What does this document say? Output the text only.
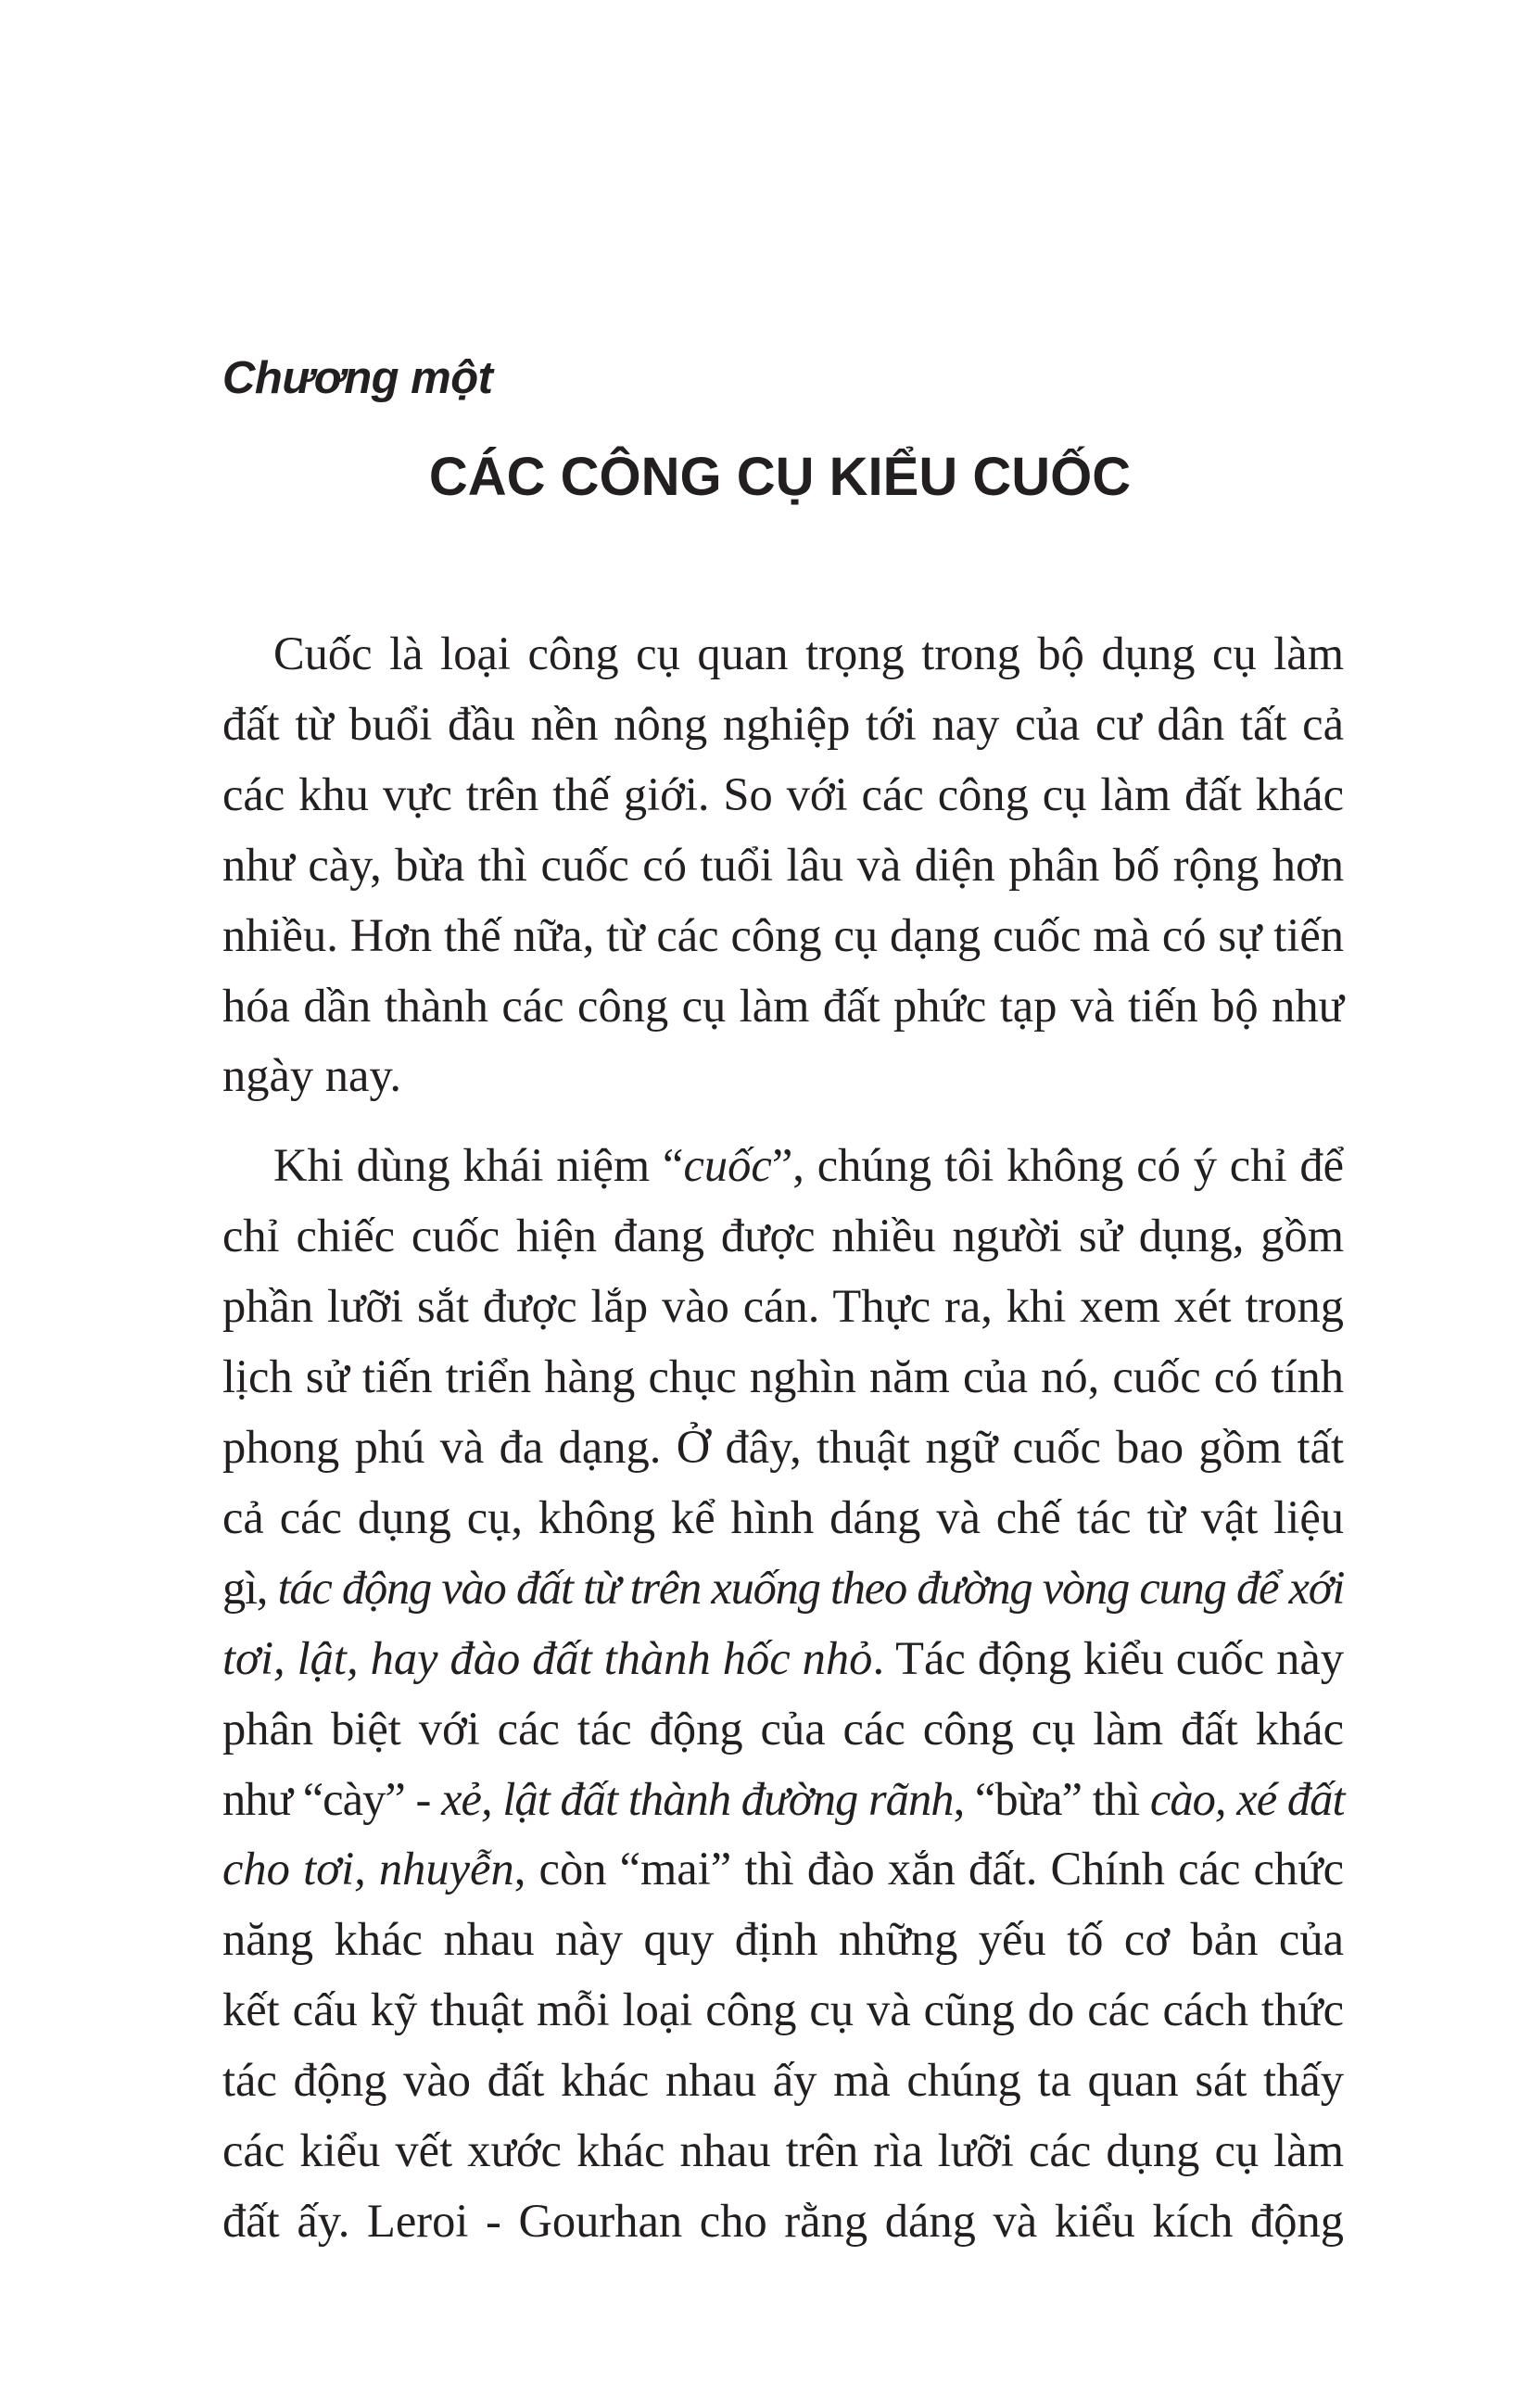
Chương một
CÁC CÔNG CỤ KIỂU CUỐC

Cuốc là loại công cụ quan trọng trong bộ dụng cụ làm
đất từ buổi đầu nền nông nghiệp tới nay của cư dân tất cả
các khu vực trên thế giới. So với các công cụ làm đất khác
như cày, bừa thì cuốc có tuổi lâu và diện phân bố rộng hơn
nhiều. Hơn thế nữa, từ các công cụ dạng cuốc mà có sự tiến
hóa dần thành các công cụ làm đất phức tạp và tiến bộ như
ngày nay.

Khi dùng khái niệm “cuốc”, chúng tôi không có ý chỉ để
chỉ chiếc cuốc hiện đang được nhiều người sử dụng, gồm
phần lưỡi sắt được lắp vào cán. Thực ra, khi xem xét trong
lịch sử tiến triển hàng chục nghìn năm của nó, cuốc có tính
phong phú và đa dạng. Ở đây, thuật ngữ cuốc bao gồm tất
cả các dụng cụ, không kể hình dáng và chế tác từ vật liệu
gì, tác động vào đất từ trên xuống theo đường vòng cung để xới
tơi, lật, hay đào đất thành hốc nhỏ. Tác động kiểu cuốc này
phân biệt với các tác động của các công cụ làm đất khác
như “cày” - xẻ, lật đất thành đường rãnh, “bừa” thì cào, xé đất
cho tơi, nhuyễn, còn “mai” thì đào xắn đất. Chính các chức
năng khác nhau này quy định những yếu tố cơ bản của
kết cấu kỹ thuật mỗi loại công cụ và cũng do các cách thức
tác động vào đất khác nhau ấy mà chúng ta quan sát thấy
các kiểu vết xước khác nhau trên rìa lưỡi các dụng cụ làm
đất ấy. Leroi - Gourhan cho rằng dáng và kiểu kích động
